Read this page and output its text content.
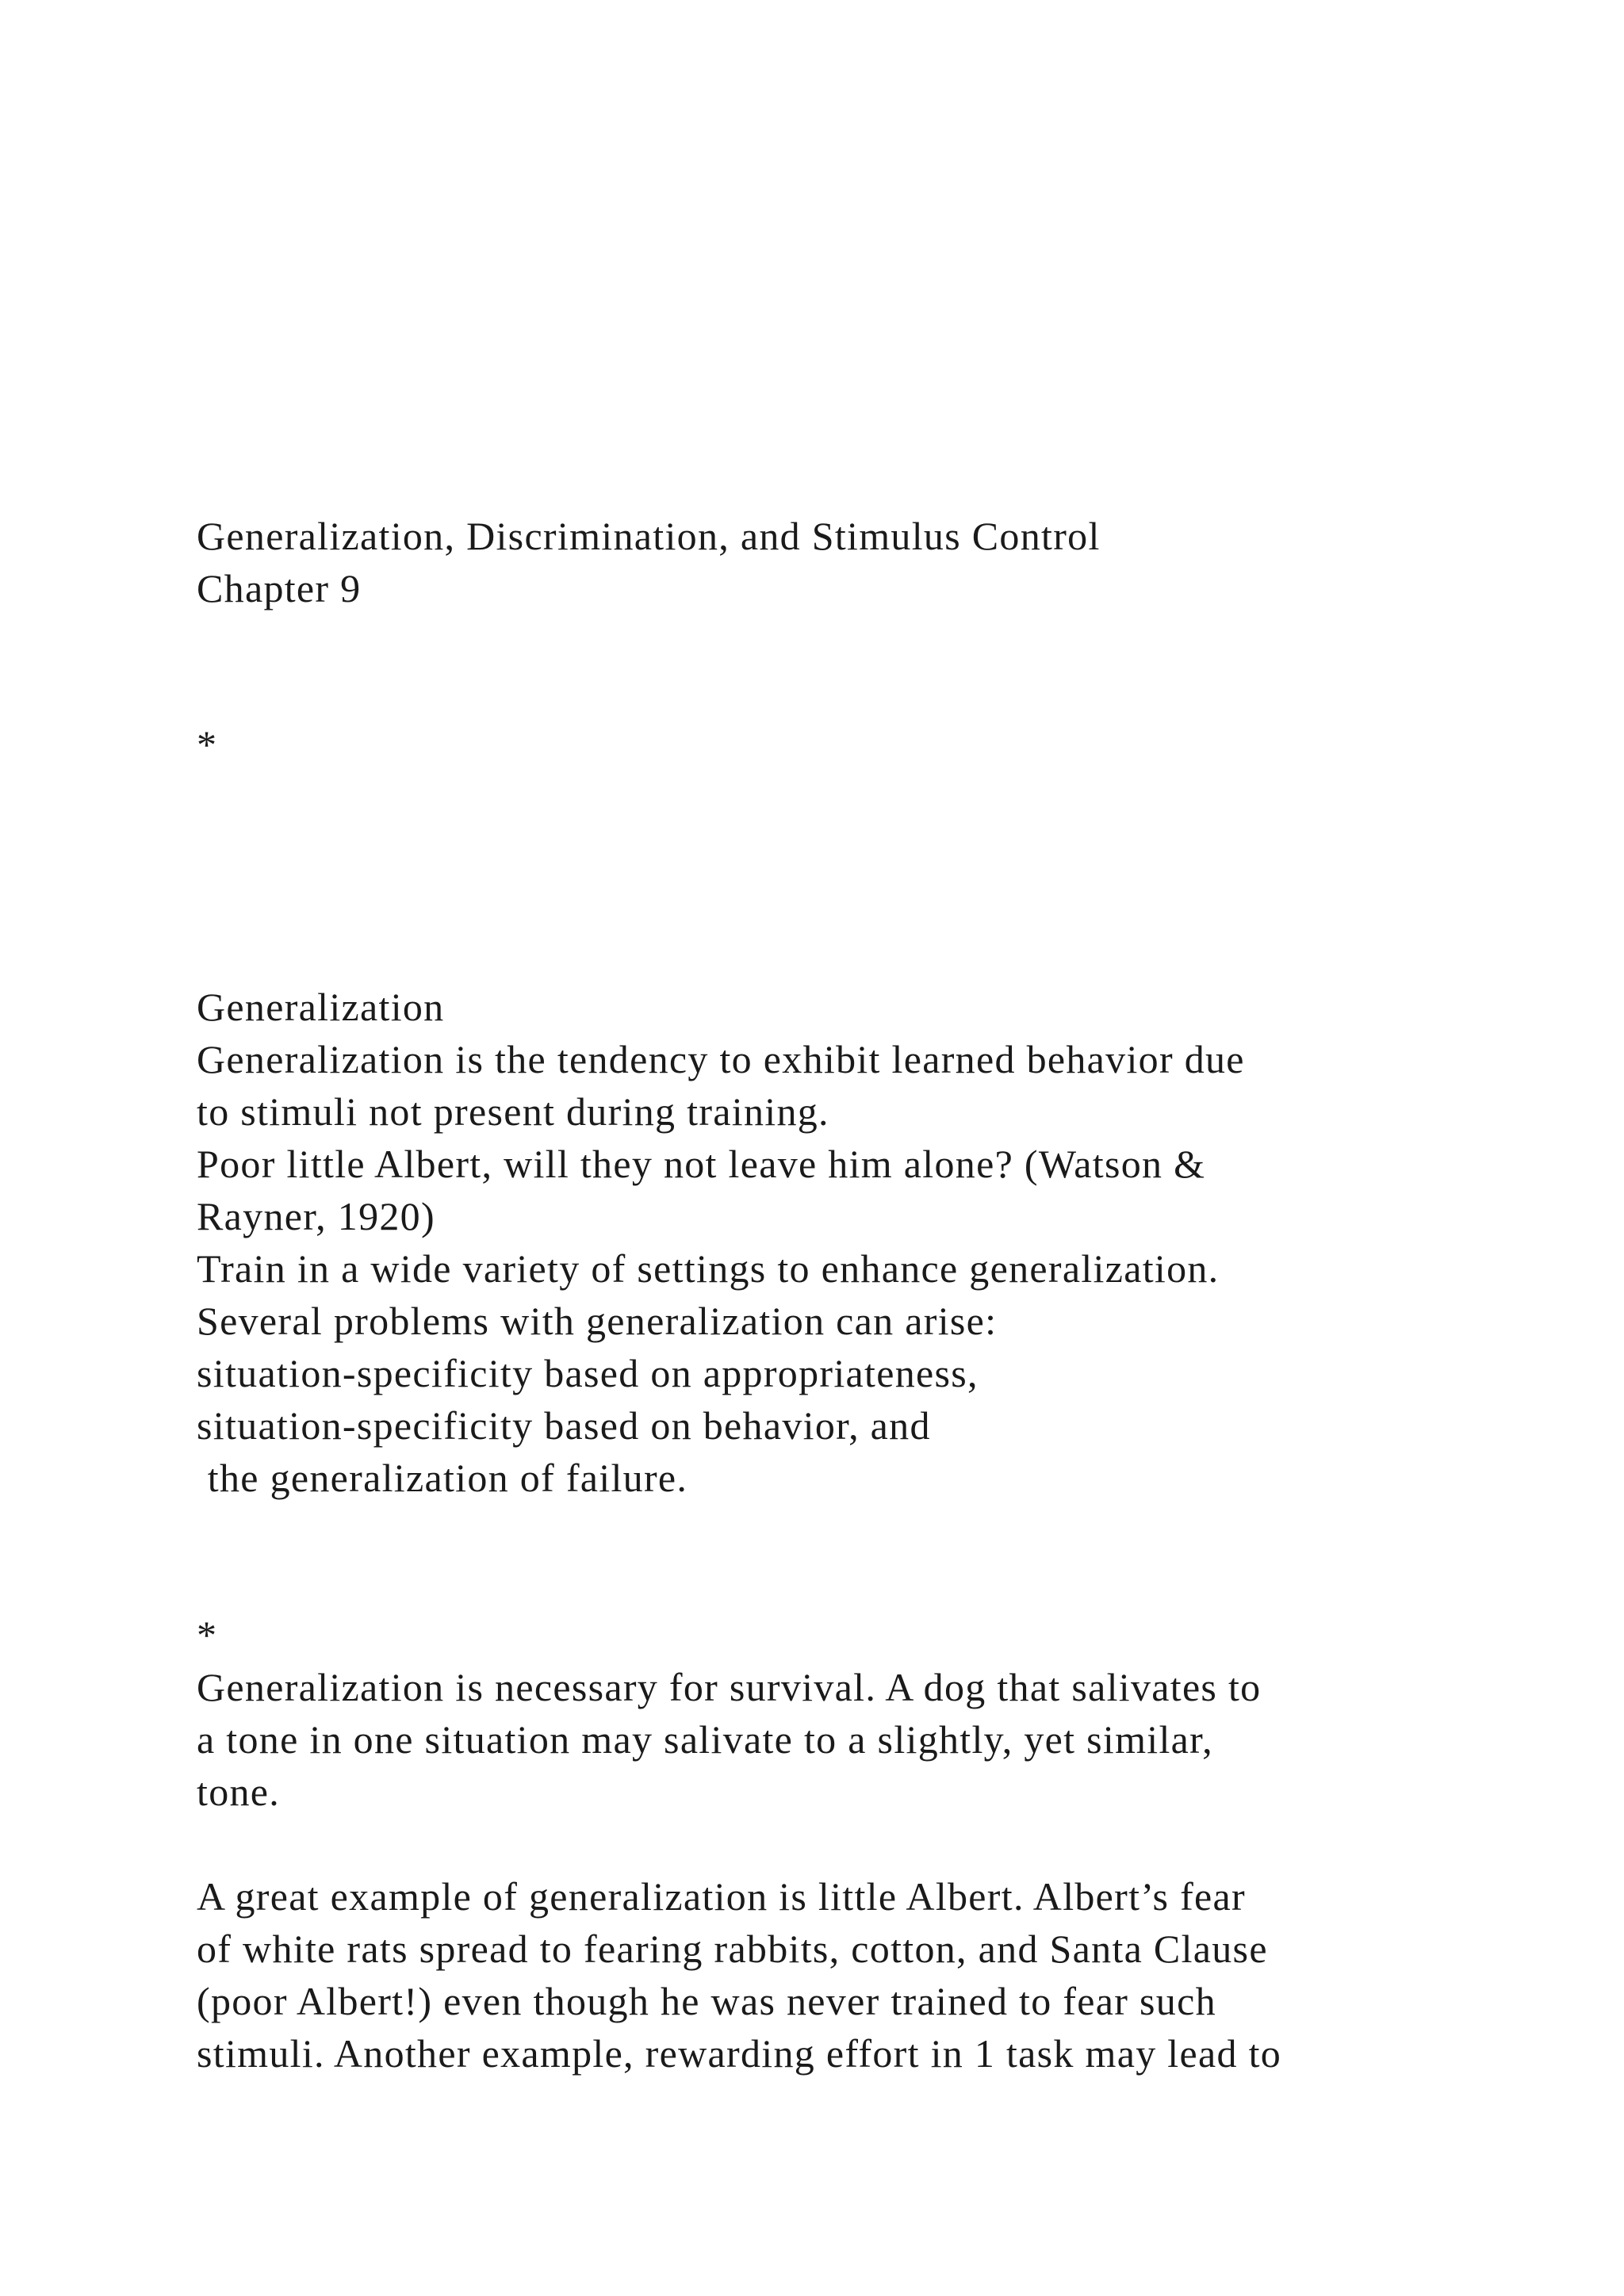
Generalization, Discrimination, and Stimulus Control

Chapter 9

*

Generalization

Generalization is the tendency to exhibit learned behavior due

to stimuli not present during training.

Poor little Albert, will they not leave him alone? (Watson &

Rayner, 1920)

Train in a wide variety of settings to enhance generalization.

Several problems with generalization can arise:

situation-specificity based on appropriateness,

situation-specificity based on behavior, and

the generalization of failure.

*

Generalization is necessary for survival. A dog that salivates to

a tone in one situation may salivate to a slightly, yet similar,

tone.

A great example of generalization is little Albert. Albert’s fear

of white rats spread to fearing rabbits, cotton, and Santa Clause

(poor Albert!) even though he was never trained to fear such

stimuli. Another example, rewarding effort in 1 task may lead to
